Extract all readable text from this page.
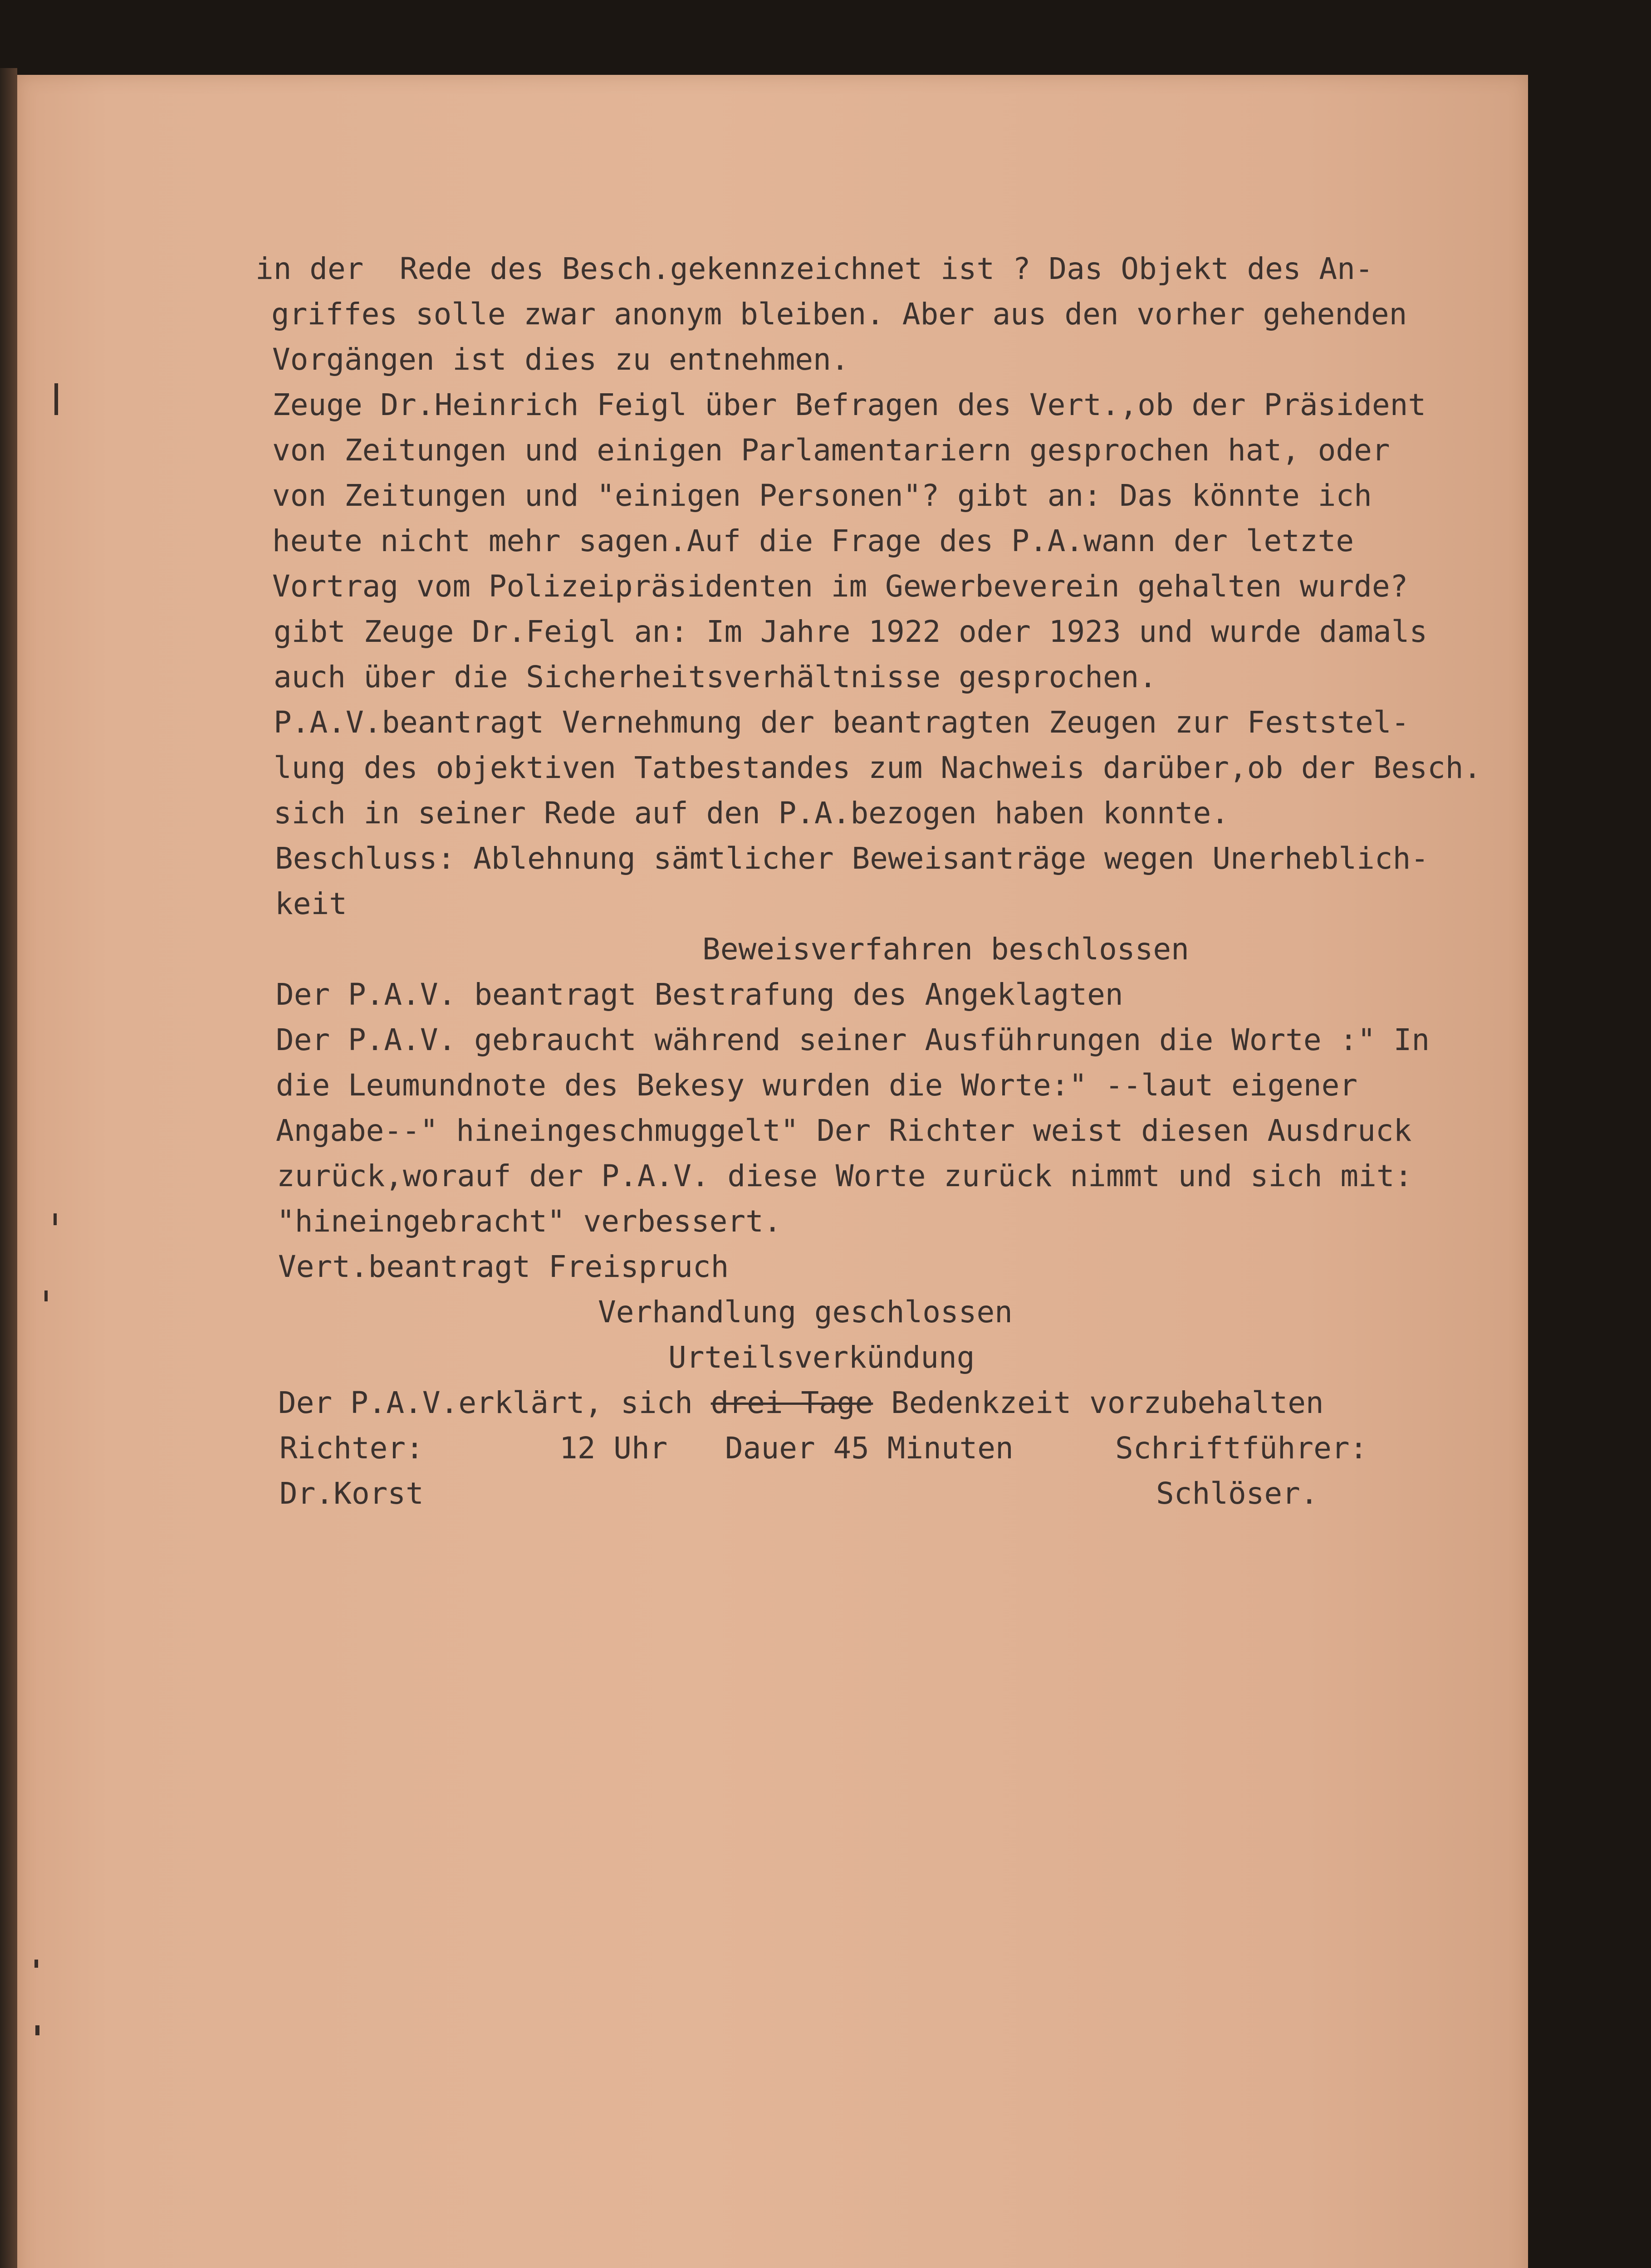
in der  Rede des Besch.gekennzeichnet ist ? Das Objekt des An-
griffes solle zwar anonym bleiben. Aber aus den vorher gehenden
Vorgängen ist dies zu entnehmen.
Zeuge Dr.Heinrich Feigl über Befragen des Vert.,ob der Präsident
von Zeitungen und einigen Parlamentariern gesprochen hat, oder
von Zeitungen und "einigen Personen"? gibt an: Das könnte ich
heute nicht mehr sagen.Auf die Frage des P.A.wann der letzte
Vortrag vom Polizeipräsidenten im Gewerbeverein gehalten wurde?
gibt Zeuge Dr.Feigl an: Im Jahre 1922 oder 1923 und wurde damals
auch über die Sicherheitsverhältnisse gesprochen.
P.A.V.beantragt Vernehmung der beantragten Zeugen zur Feststel-
lung des objektiven Tatbestandes zum Nachweis darüber,ob der Besch.
sich in seiner Rede auf den P.A.bezogen haben konnte.
Beschluss: Ablehnung sämtlicher Beweisanträge wegen Unerheblich-
keit
Beweisverfahren beschlossen
Der P.A.V. beantragt Bestrafung des Angeklagten
Der P.A.V. gebraucht während seiner Ausführungen die Worte :" In
die Leumundnote des Bekesy wurden die Worte:" --laut eigener
Angabe--" hineingeschmuggelt" Der Richter weist diesen Ausdruck
zurück,worauf der P.A.V. diese Worte zurück nimmt und sich mit:
"hineingebracht" verbessert.
Vert.beantragt Freispruch
Verhandlung geschlossen
Urteilsverkündung
Der P.A.V.erklärt, sich drei Tage Bedenkzeit vorzubehalten
Richter:	12 Uhr Dauer 45 Minuten	Schriftführer:
Dr.Korst	Schlöser.
